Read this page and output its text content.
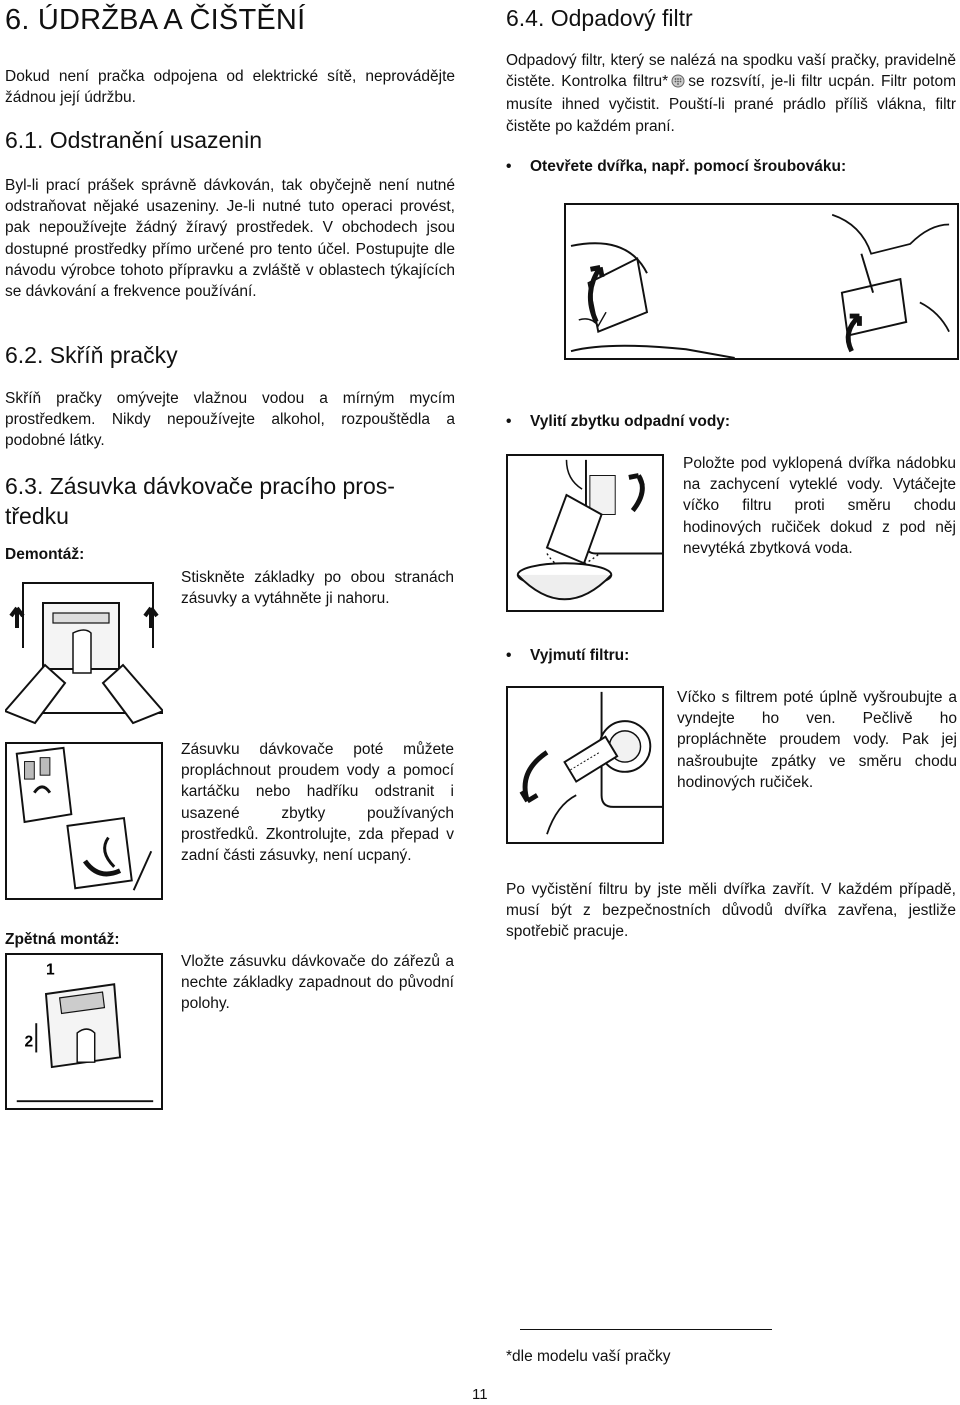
6. ÚDRŽBA A ČIŠTĚNÍ

Dokud není pračka odpojena od elektrické sítě, neprovádějte žádnou její údržbu.

6.1. Odstranění usazenin

Byl-li prací prášek správně dávkován, tak obyčejně není nutné odstraňovat nějaké usazeniny. Je-li nutné tuto operaci provést, pak nepoužívejte žádný žíravý prostředek. V obchodech jsou dostupné prostředky přímo určené pro tento účel. Postupujte dle návodu výrobce tohoto přípravku a zvláště v oblastech týkajících se dávkování a frekvence používání.

6.2. Skříň pračky

Skříň pračky omývejte vlažnou vodou a mírným mycím prostředkem. Nikdy nepoužívejte alkohol, rozpouštědla a podobné látky.

6.3. Zásuvka dávkovače pracího pros-
tředku
Demontáž:

Stiskněte základky po obou stranách zásuvky a vytáhněte ji nahoru.

Zásuvku dávkovače poté můžete propláchnout proudem vody a pomocí kartáčku nebo hadříku odstranit i usazené zbytky používaných prostředků. Zkontrolujte, zda přepad v zadní části zásuvky, není ucpaný.

Zpětná montáž:
1
2

Vložte zásuvku dávkovače do zářezů a nechte základky zapadnout do původní polohy.

6.4. Odpadový filtr

Odpadový filtr, který se nalézá na spodku vaší pračky, pravidelně čistěte. Kontrolka filtru* se rozsvítí, je-li filtr ucpán. Filtr potom musíte ihned vyčistit. Pouští-li prané prádlo příliš vlákna, filtr čistěte po každém praní.

• Otevřete dvířka, např. pomocí šroubováku:
• Vylití zbytku odpadní vody:

Položte pod vyklopená dvířka nádobku na zachycení vyteklé vody. Vytáčejte víčko filtru proti směru chodu hodinových ručiček dokud z pod něj nevytéká zbytková voda.

• Vyjmutí filtru:

Víčko s filtrem poté úplně vyšroubujte a vyndejte ho ven. Pečlivě ho propláchněte proudem vody. Pak jej našroubujte zpátky ve směru chodu hodinových ručiček.

Po vyčistění filtru by jste měli dvířka zavřít. V každém případě, musí být z bezpečnostních důvodů dvířka zavřena, jestliže spotřebič pracuje.

*dle modelu vaší pračky
11
